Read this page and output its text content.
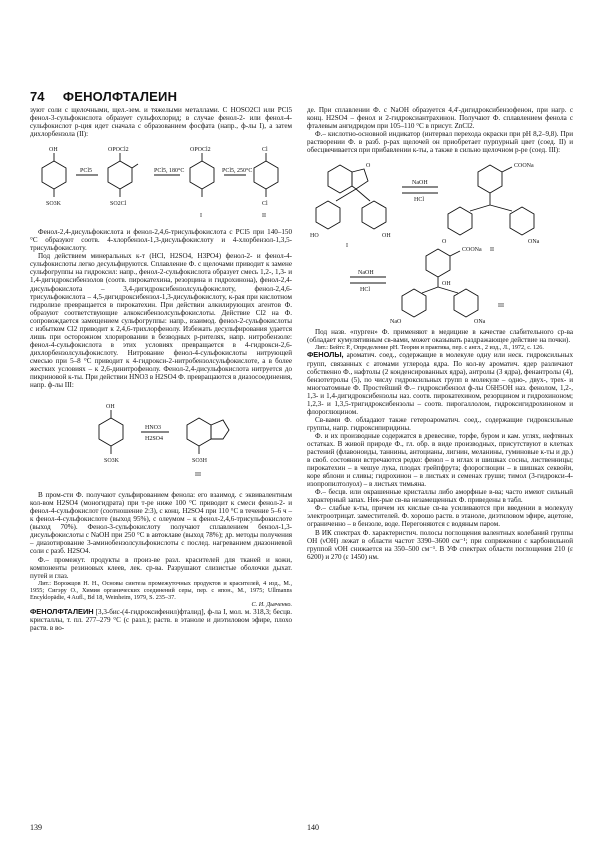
74 ФЕНОЛФТАЛЕИН

зуют соли с щелочными, щел.-зем. и тяжелыми металлами. С HOSO2Cl или PCl5 фенол-3-сульфокислота образует сульфохлорид; в случае фенол-2- или фенол-4-сульфокислот р-ция идет сначала с образованием фосфата (напр., ф-лы I), а затем дихлорбензола (II):

OH
SO3K
PCl5
OPOCl2
SO2Cl
PCl5, 180°C
OPOCl2
PCl5, 250°C
Cl
Cl
I	II

Фенол-2,4-дисульфокислота и фенол-2,4,6-трисульфокислота с PCl5 при 140–150 °С образуют соотв. 4-хлорбензол-1,3-дисульфокислоту и 4-хлорбензол-1,3,5-трисульфокислоту.

Под действием минеральных к-т (HCl, H2SO4, H3PO4) фенол-2- и фенол-4-сульфокислоты легко десульфируются. Сплавление Ф. с щелочами приводит к замене сульфогруппы на гидроксил: напр., фенол-2-сульфокислота образует смесь 1,2-, 1,3- и 1,4-дигидроксибензолов (соотв. пирокатехина, резорцина и гидрохинона), фенол-2,4-дисульфокислота – 3,4-дигидроксибензолсульфокислоту, фенол-2,4,6-трисульфокислота – 4,5-дигидроксибензол-1,3-дисульфокислоту, к-рая при кислотном гидролизе превращается в пирокатехин. При действии алкилирующих агентов Ф. образуют соответствующие алкоксибензолсульфокислоты. Действие Cl2 на Ф. сопровождается замещением сульфогруппы: напр., взаимод. фенол-2-сульфокислоты с избытком Cl2 приводит к 2,4,6-трихлорфенолу. Избежать десульфирования удается лишь при осторожном хлорировании в безводных р-рителях, напр. нитробензоле: фенол-4-сульфокислота в этих условиях превращается в 4-гидрокси-2,6-дихлорбензолсульфокислоту. Нитрование фенол-4-сульфокислоты нитрующей смесью при 5–8 °С приводит к 4-гидрокси-2-нитробензолсульфокислоте, а в более жестких условиях – к 2,6-динитрофенолу. Фенол-2,4-дисульфокислота нитруется до пикриновой к-ты. При действии HNO3 в H2SO4 Ф. превращаются в диазосоединения, напр. ф-лы III:

OH
SO3K
HNO3
H2SO4
SO3H
III

В пром-сти Ф. получают сульфированием фенола: его взаимод. с эквивалентным кол-вом H2SO4 (моногидрата) при т-ре ниже 100 °С приводит к смеси фенол-2- и фенол-4-сульфокислот (соотношение 2:3), с конц. H2SO4 при 110 °С в течение 5–6 ч – к фенол-4-сульфокислоте (выход 95%), с олеумом – к фенол-2,4,6-трисульфокислоте (выход 70%). Фенол-3-сульфокислоту получают сплавлением бензол-1,3-дисульфокислоты с NaOH при 250 °С в автоклаве (выход 78%); др. методы получения – диазотирование 3-аминобензолсульфокислоты с послед. нагреванием диазониевой соли с разб. H2SO4.

Ф.– промежут. продукты в произ-ве разл. красителей для тканей и кожи, компоненты резиновых клеев, лек. ср-ва. Разрушают слизистые оболочки дыхат. путей и глаз.

Лит.: Ворожцов Н. Н., Основы синтеза промежуточных продуктов и красителей, 4 изд., М., 1955; Сигэру О., Химия органических соединений серы, пер. с япон., М., 1975; Ullmanns Encyklopädie, 4 Aufl., Bd 18, Weinheim, 1979, S. 235–37.

С. И. Дьяченко.

ФЕНОЛФТАЛЕИН [3,3-бис-(4-гидроксифенил)фталид], ф-ла I, мол. м. 318,3; бесцв. кристаллы, т. пл. 277–279 °С (с разл.); раств. в этаноле и диэтиловом эфире, плохо раств. в во-

де. При сплавлении Ф. с NaOH образуется 4,4'-дигидроксибензофенон, при нагр. с конц. H2SO4 – фенол и 2-гидроксиантрахинон. Получают Ф. сплавлением фенола с фталевым ангидридом при 105–110 °С в присут. ZnCl2.

Ф.– кислотно-основной индикатор (интервал перехода окраски при рН 8,2–9,8). При растворении Ф. в разб. р-рах щелочей он приобретает пурпурный цвет (соед. II) и обесцвечивается при прибавлении к-ты, а также в сильно щелочном р-ре (соед. III):

O
NaOH
HCl
COONa
HO	OH
O	ONa
I
II
NaOH
HCl
COONa
OH
NaO	ONa
III

Под назв. «пурген» Ф. применяют в медицине в качестве слабительного ср-ва (обладает кумулятивным св-вами, может оказывать раздражающее действие на почки).

Лит.: Бейтс Р., Определение рН. Теория и практика, пер. с англ., 2 изд., Л., 1972, с. 126.

ФЕНОЛЫ, ароматич. соед., содержащие в молекуле одну или неск. гидроксильных групп, связанных с атомами углерода ядра. По кол-ву ароматич. ядер различают собственно Ф., нафтолы (2 конденсированных ядра), антролы (3 ядра), фенантролы (4), бензотетролы (5), по числу гидроксильных групп в молекуле – одно-, двух-, трех- и многоатомные Ф. Простейший Ф.– гидроксибензол ф-лы C6H5OH наз. фенолом, 1,2-, 1,3- и 1,4-дигидроксибензолы наз. соотв. пирокатехином, резорцином и гидрохиноном; 1,2,3- и 1,3,5-тригидроксибензолы – соотв. пирогаллолом, гидроксигидрохиноном и флороглюцином.

Св-вами Ф. обладают также гетероароматич. соед., содержащие гидроксильные группы, напр. гидроксипиридины.

Ф. и их производные содержатся в древесине, торфе, буром и кам. углях, нефтяных остатках. В живой природе Ф., гл. обр. в виде производных, присутствуют в клетках растений (флавоноиды, таннины, антоцианы, лигнин, меланины, гуминовые к-ты и др.) в своб. состоянии встречаются редко: фенол – в иглах и шишках сосны, лиственницы; пирокатехин – в чешуе лука, плодах грейпфрута; флороглюцин – в шишках секвойи, коре яблони и сливы; гидрохинон – в листьях и семенах груши; тимол (3-гидрокси-4-изопропилтолуол) – в листьях тимьяна.

Ф.– бесцв. или окрашенные кристаллы либо аморфные в-ва; часто имеют сильный характерный запах. Нек-рые св-ва незамещенных Ф. приведены в табл.

Ф.– слабые к-ты, причем их кислые св-ва усиливаются при введении в молекулу электроотрицат. заместителей. Ф. хорошо раств. в этаноле, диэтиловом эфире, ацетоне, ограниченно – в бензоле, воде. Перегоняются с водяным паром.

В ИК спектрах Ф. характеристич. полосы поглощения валентных колебаний группы ОН (νОН) лежат в области частот 3390–3600 см⁻¹; при сопряжении с карбонильной группой νОН снижается на 350–500 см⁻¹. В УФ спектрах области поглощения 210 (ε 6200) и 270 (ε 1450) нм.

139	140
